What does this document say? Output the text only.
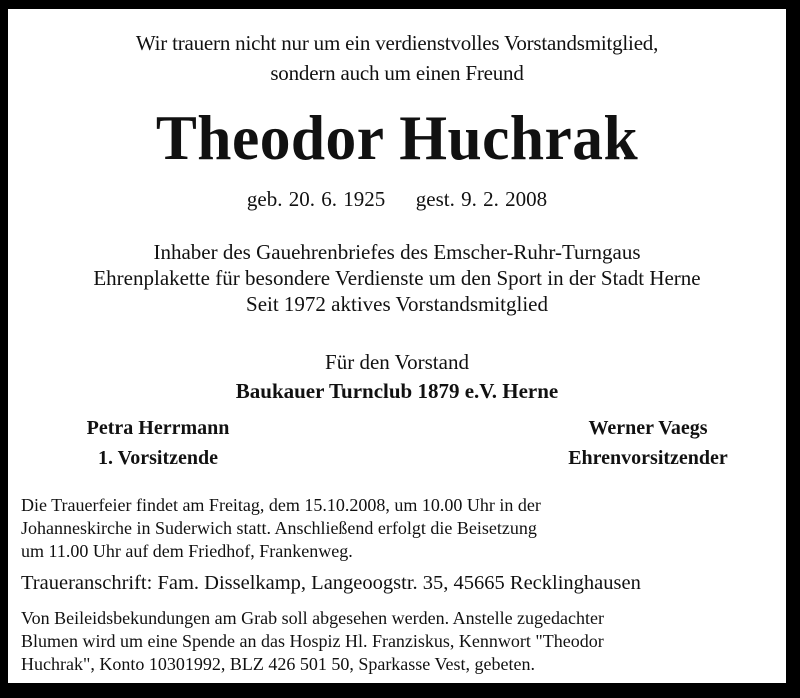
Wir trauern nicht nur um ein verdienstvolles Vorstandsmitglied,
sondern auch um einen Freund
Theodor Huchrak
geb. 20. 6. 1925 gest. 9. 2. 2008
Inhaber des Gauehrenbriefes des Emscher-Ruhr-Turngaus
Ehrenplakette für besondere Verdienste um den Sport in der Stadt Herne
Seit 1972 aktives Vorstandsmitglied
Für den Vorstand
Baukauer Turnclub 1879 e.V. Herne
Petra Herrmann
1. Vorsitzende
Werner Vaegs
Ehrenvorsitzender
Die Trauerfeier findet am Freitag, dem 15.10.2008, um 10.00 Uhr in der
Johanneskirche in Suderwich statt. Anschließend erfolgt die Beisetzung
um 11.00 Uhr auf dem Friedhof, Frankenweg.
Traueranschrift: Fam. Disselkamp, Langeoogstr. 35, 45665 Recklinghausen
Von Beileidsbekundungen am Grab soll abgesehen werden. Anstelle zugedachter
Blumen wird um eine Spende an das Hospiz Hl. Franziskus, Kennwort "Theodor
Huchrak", Konto 10301992, BLZ 426 501 50, Sparkasse Vest, gebeten.
